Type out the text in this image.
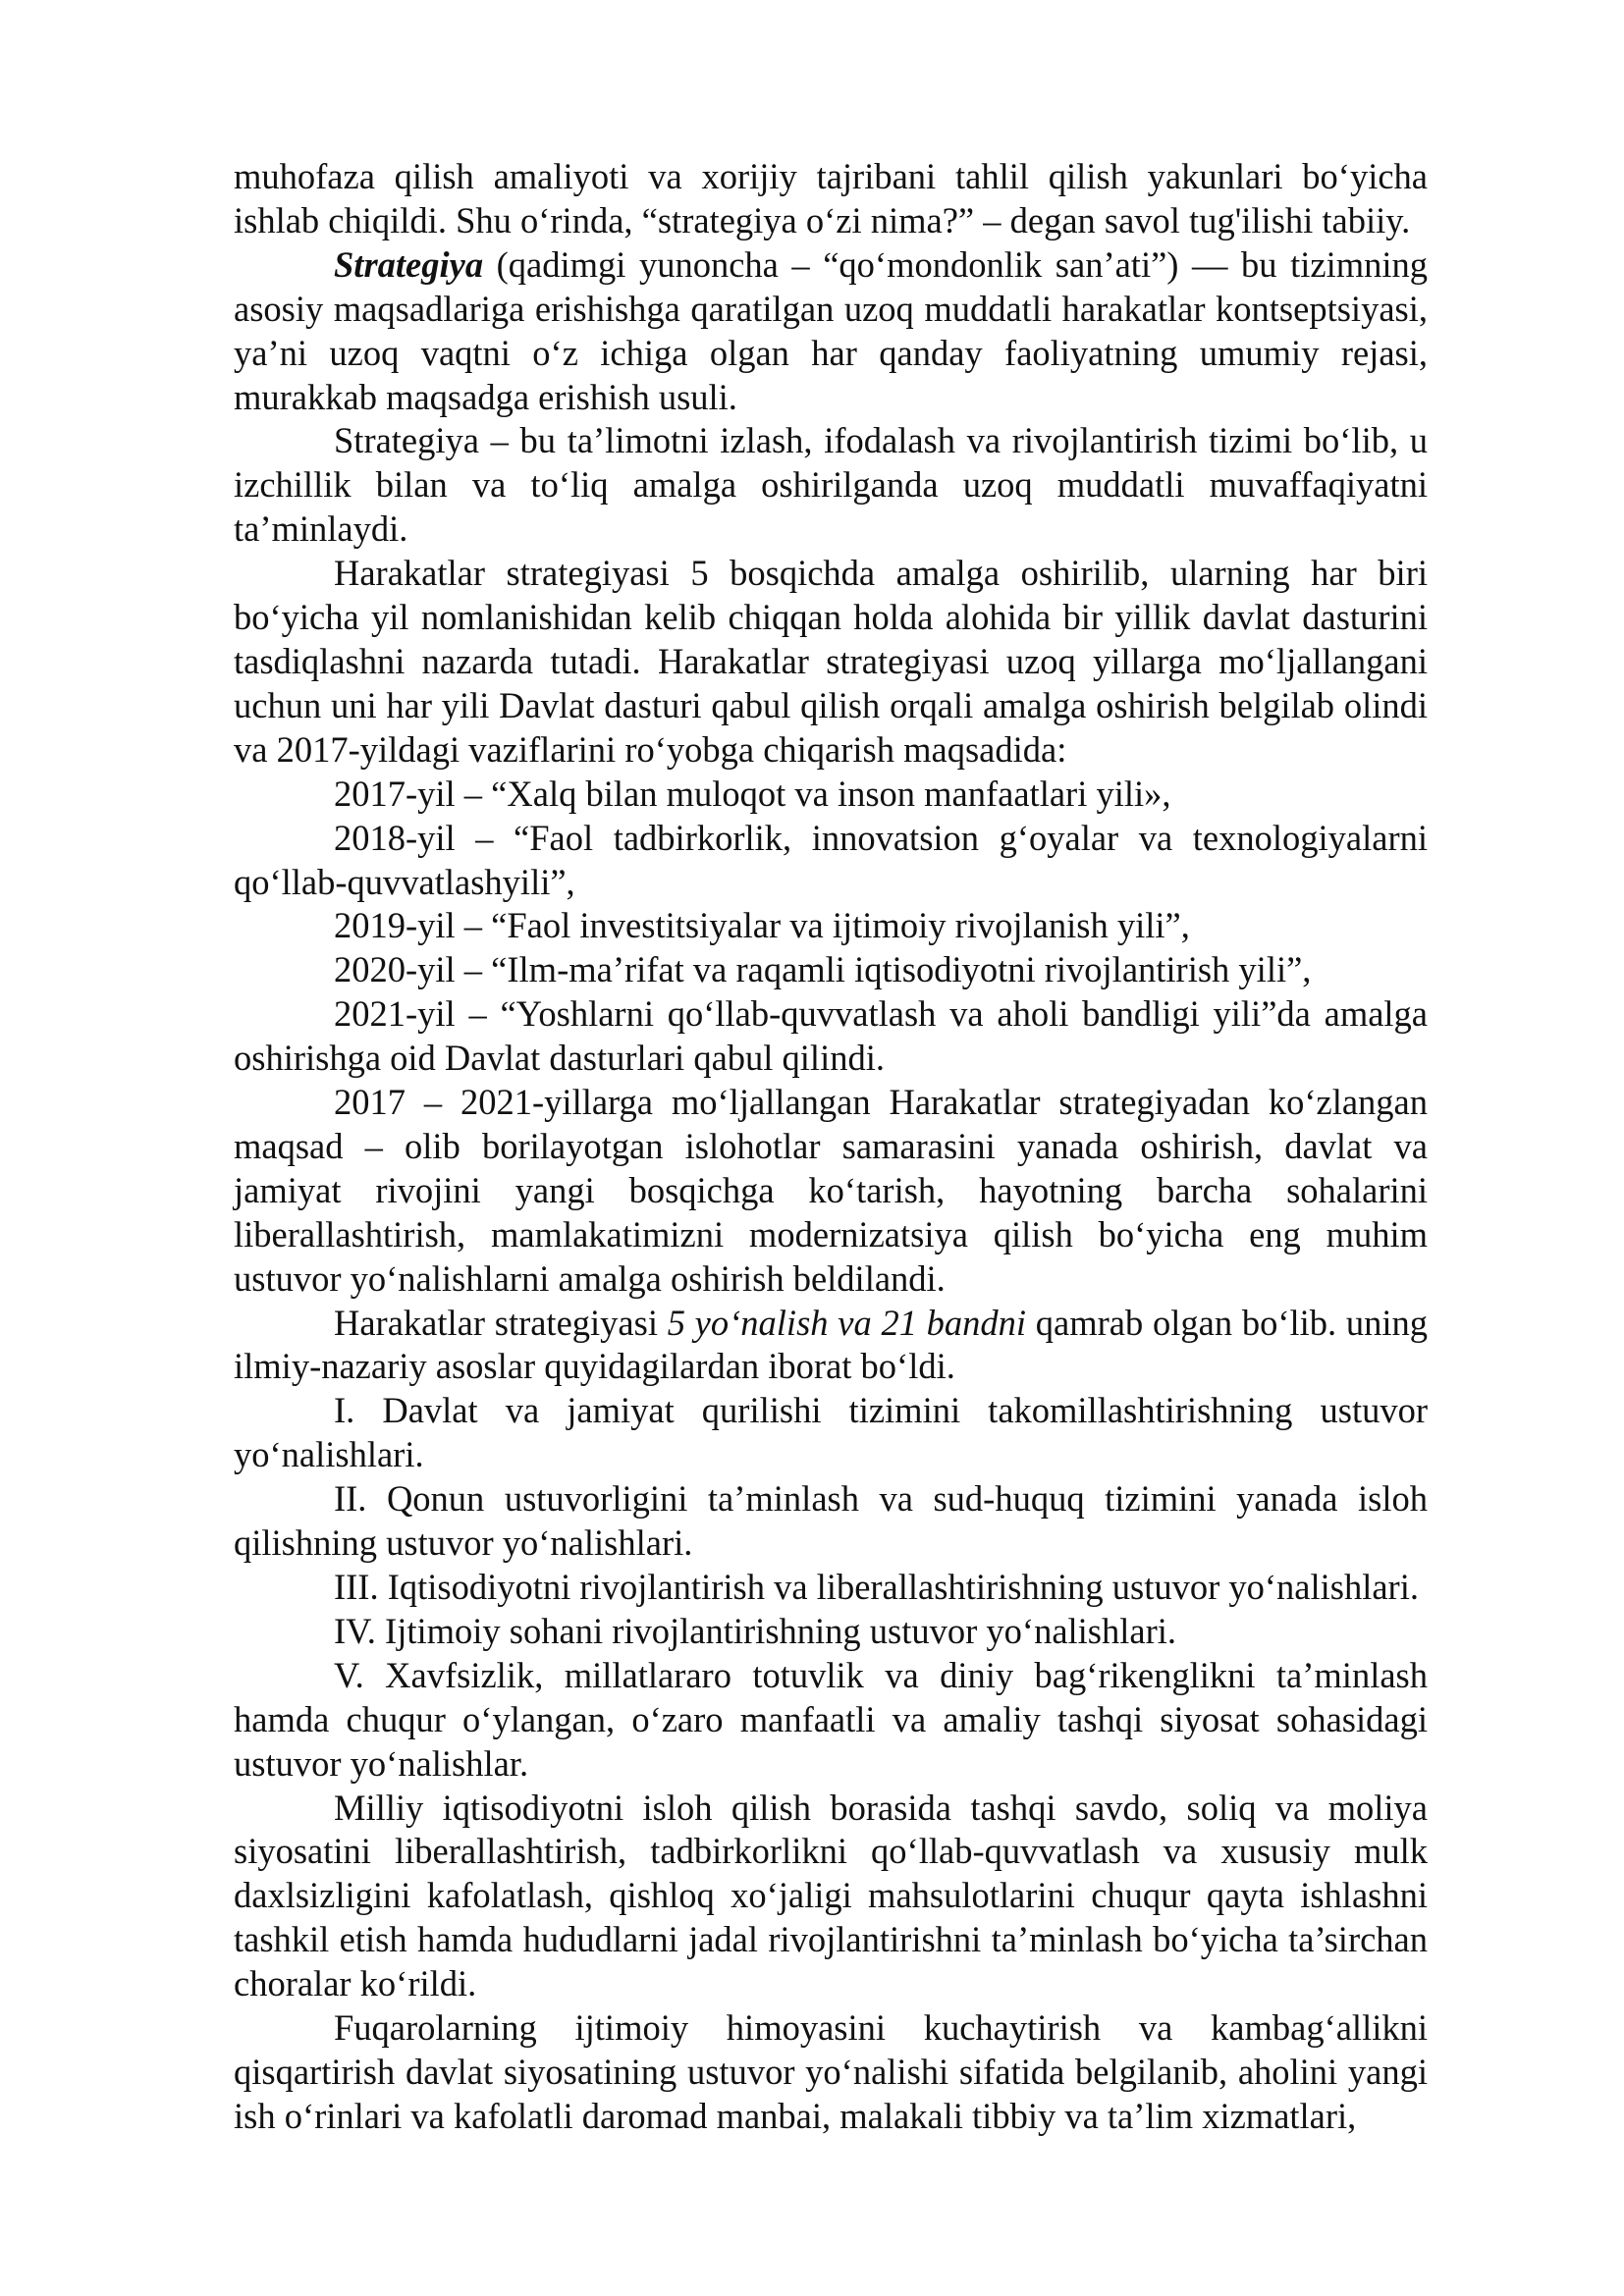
muhofaza qilish amaliyoti va xorijiy tajribani tahlil qilish yakunlari bo‘yicha ishlab chiqildi. Shu o‘rinda, “strategiya o‘zi nima?” – degan savol tug'ilishi tabiiy.

Strategiya (qadimgi yunoncha – “qo‘mondonlik san’ati”) — bu tizimning asosiy maqsadlariga erishishga qaratilgan uzoq muddatli harakatlar kontseptsiyasi, ya’ni uzoq vaqtni o‘z ichiga olgan har qanday faoliyatning umumiy rejasi, murakkab maqsadga erishish usuli.

Strategiya – bu ta’limotni izlash, ifodalash va rivojlantirish tizimi bo‘lib, u izchillik bilan va to‘liq amalga oshirilganda uzoq muddatli muvaffaqiyatni ta’minlaydi.

Harakatlar strategiyasi 5 bosqichda amalga oshirilib, ularning har biri bo‘yicha yil nomlanishidan kelib chiqqan holda alohida bir yillik davlat dasturini tasdiqlashni nazarda tutadi. Harakatlar strategiyasi uzoq yillarga mo‘ljallangani uchun uni har yili Davlat dasturi qabul qilish orqali amalga oshirish belgilab olindi va 2017-yildagi vaziflarini ro‘yobga chiqarish maqsadida:

2017-yil – “Xalq bilan muloqot va inson manfaatlari yili»,

2018-yil – “Faol tadbirkorlik, innovatsion g‘oyalar va texnologiyalarni qo‘llab-quvvatlashyili”,

2019-yil – “Faol investitsiyalar va ijtimoiy rivojlanish yili”,

2020-yil – “Ilm-ma’rifat va raqamli iqtisodiyotni rivojlantirish yili”,

2021-yil – “Yoshlarni qo‘llab-quvvatlash va aholi bandligi yili”da amalga oshirishga oid Davlat dasturlari qabul qilindi.

2017 – 2021-yillarga mo‘ljallangan Harakatlar strategiyadan ko‘zlangan maqsad – olib borilayotgan islohotlar samarasini yanada oshirish, davlat va jamiyat rivojini yangi bosqichga ko‘tarish, hayotning barcha sohalarini liberallashtirish, mamlakatimizni modernizatsiya qilish bo‘yicha eng muhim ustuvor yo‘nalishlarni amalga oshirish beldilandi.

Harakatlar strategiyasi 5 yo‘nalish va 21 bandni qamrab olgan bo‘lib. uning ilmiy-nazariy asoslar quyidagilardan iborat bo‘ldi.

I. Davlat va jamiyat qurilishi tizimini takomillashtirishning ustuvor yo‘nalishlari.

II. Qonun ustuvorligini ta’minlash va sud-huquq tizimini yanada isloh qilishning ustuvor yo‘nalishlari.

III. Iqtisodiyotni rivojlantirish va liberallashtirishning ustuvor yo‘nalishlari.

IV. Ijtimoiy sohani rivojlantirishning ustuvor yo‘nalishlari.

V. Xavfsizlik, millatlararo totuvlik va diniy bag‘rikenglikni ta’minlash hamda chuqur o‘ylangan, o‘zaro manfaatli va amaliy tashqi siyosat sohasidagi ustuvor yo‘nalishlar.

Milliy iqtisodiyotni isloh qilish borasida tashqi savdo, soliq va moliya siyosatini liberallashtirish, tadbirkorlikni qo‘llab-quvvatlash va xususiy mulk daxlsizligini kafolatlash, qishloq xo‘jaligi mahsulotlarini chuqur qayta ishlashni tashkil etish hamda hududlarni jadal rivojlantirishni ta’minlash bo‘yicha ta’sirchan choralar ko‘rildi.

Fuqarolarning ijtimoiy himoyasini kuchaytirish va kambag‘allikni qisqartirish davlat siyosatining ustuvor yo‘nalishi sifatida belgilanib, aholini yangi ish o‘rinlari va kafolatli daromad manbai, malakali tibbiy va ta’lim xizmatlari,
